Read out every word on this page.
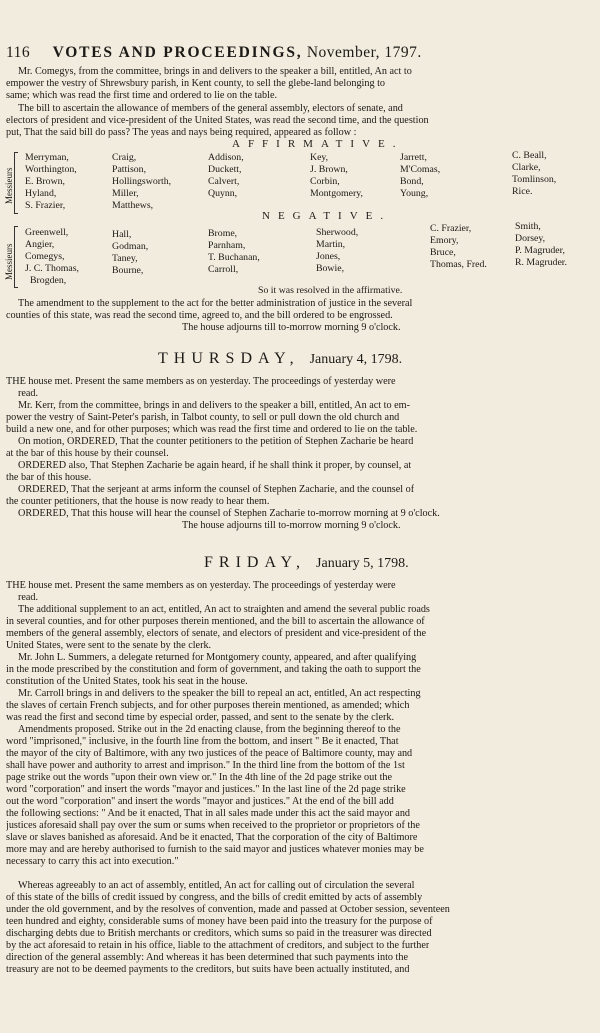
116 VOTES AND PROCEEDINGS, November, 1797.
Mr. Comegys, from the committee, brings in and delivers to the speaker a bill, entitled, An act to
empower the vestry of Shrewsbury parish, in Kent county, to sell the glebe-land belonging to
same; which was read the first time and ordered to lie on the table.
The bill to ascertain the allowance of members of the general assembly, electors of senate, and
electors of president and vice-president of the United States, was read the second time, and the question
put, That the said bill do pass? The yeas and nays being required, appeared as follow :
AFFIRMATIVE.
Messieurs
Merryman,
Worthington,
E. Brown,
Hyland,
S. Frazier,
Craig,
Pattison,
Hollingsworth,
Miller,
Matthews,
Addison,
Duckett,
Calvert,
Quynn,
Key,
J. Brown,
Corbin,
Montgomery,
Jarrett,
M'Comas,
Bond,
Young,
C. Beall,
Clarke,
Tomlinson,
Rice.
NEGATIVE.
Messieurs
Greenwell,
Angier,
Comegys,
J. C. Thomas,
Brogden,
Hall,
Godman,
Taney,
Bourne,
Brome,
Parnham,
T. Buchanan,
Carroll,
Sherwood,
Martin,
Jones,
Bowie,
C. Frazier,
Emory,
Bruce,
Thomas, Fred.
Smith,
Dorsey,
P. Magruder,
R. Magruder.
So it was resolved in the affirmative.
The amendment to the supplement to the act for the better administration of justice in the several
counties of this state, was read the second time, agreed to, and the bill ordered to be engrossed.
The house adjourns till to-morrow morning 9 o'clock.
THURSDAY, January 4, 1798.
THE house met. Present the same members as on yesterday. The proceedings of yesterday were
read.
Mr. Kerr, from the committee, brings in and delivers to the speaker a bill, entitled, An act to em-
power the vestry of Saint-Peter's parish, in Talbot county, to sell or pull down the old church and
build a new one, and for other purposes; which was read the first time and ordered to lie on the table.
On motion, ORDERED, That the counter petitioners to the petition of Stephen Zacharie be heard
at the bar of this house by their counsel.
ORDERED also, That Stephen Zacharie be again heard, if he shall think it proper, by counsel, at
the bar of this house.
ORDERED, That the serjeant at arms inform the counsel of Stephen Zacharie, and the counsel of
the counter petitioners, that the house is now ready to hear them.
ORDERED, That this house will hear the counsel of Stephen Zacharie to-morrow morning at 9 o'clock.
The house adjourns till to-morrow morning 9 o'clock.
FRIDAY, January 5, 1798.
THE house met. Present the same members as on yesterday. The proceedings of yesterday were
read.
The additional supplement to an act, entitled, An act to straighten and amend the several public roads
in several counties, and for other purposes therein mentioned, and the bill to ascertain the allowance of
members of the general assembly, electors of senate, and electors of president and vice-president of the
United States, were sent to the senate by the clerk.
Mr. John L. Summers, a delegate returned for Montgomery county, appeared, and after qualifying
in the mode prescribed by the constitution and form of government, and taking the oath to support the
constitution of the United States, took his seat in the house.
Mr. Carroll brings in and delivers to the speaker the bill to repeal an act, entitled, An act respecting
the slaves of certain French subjects, and for other purposes therein mentioned, as amended; which
was read the first and second time by especial order, passed, and sent to the senate by the clerk.
Amendments proposed. Strike out in the 2d enacting clause, from the beginning thereof to the
word "imprisoned," inclusive, in the fourth line from the bottom, and insert " Be it enacted, That
the mayor of the city of Baltimore, with any two justices of the peace of Baltimore county, may and
shall have power and authority to arrest and imprison." In the third line from the bottom of the 1st
page strike out the words "upon their own view or." In the 4th line of the 2d page strike out the
word "corporation" and insert the words "mayor and justices." In the last line of the 2d page strike
out the word "corporation" and insert the words "mayor and justices." At the end of the bill add
the following sections: " And be it enacted, That in all sales made under this act the said mayor and
justices aforesaid shall pay over the sum or sums when received to the proprietor or proprietors of the
slave or slaves banished as aforesaid. And be it enacted, That the corporation of the city of Baltimore
more may and are hereby authorised to furnish to the said mayor and justices whatever monies may be
necessary to carry this act into execution."
Whereas agreeably to an act of assembly, entitled, An act for calling out of circulation the several
of this state of the bills of credit issued by congress, and the bills of credit emitted by acts of assembly
under the old government, and by the resolves of convention, made and passed at October session, seventeen
teen hundred and eighty, considerable sums of money have been paid into the treasury for the purpose of
discharging debts due to British merchants or creditors, which sums so paid in the treasurer was directed
by the act aforesaid to retain in his office, liable to the attachment of creditors, and subject to the further
direction of the general assembly: And whereas it has been determined that such payments into the
treasury are not to be deemed payments to the creditors, but suits have been actually instituted, and
